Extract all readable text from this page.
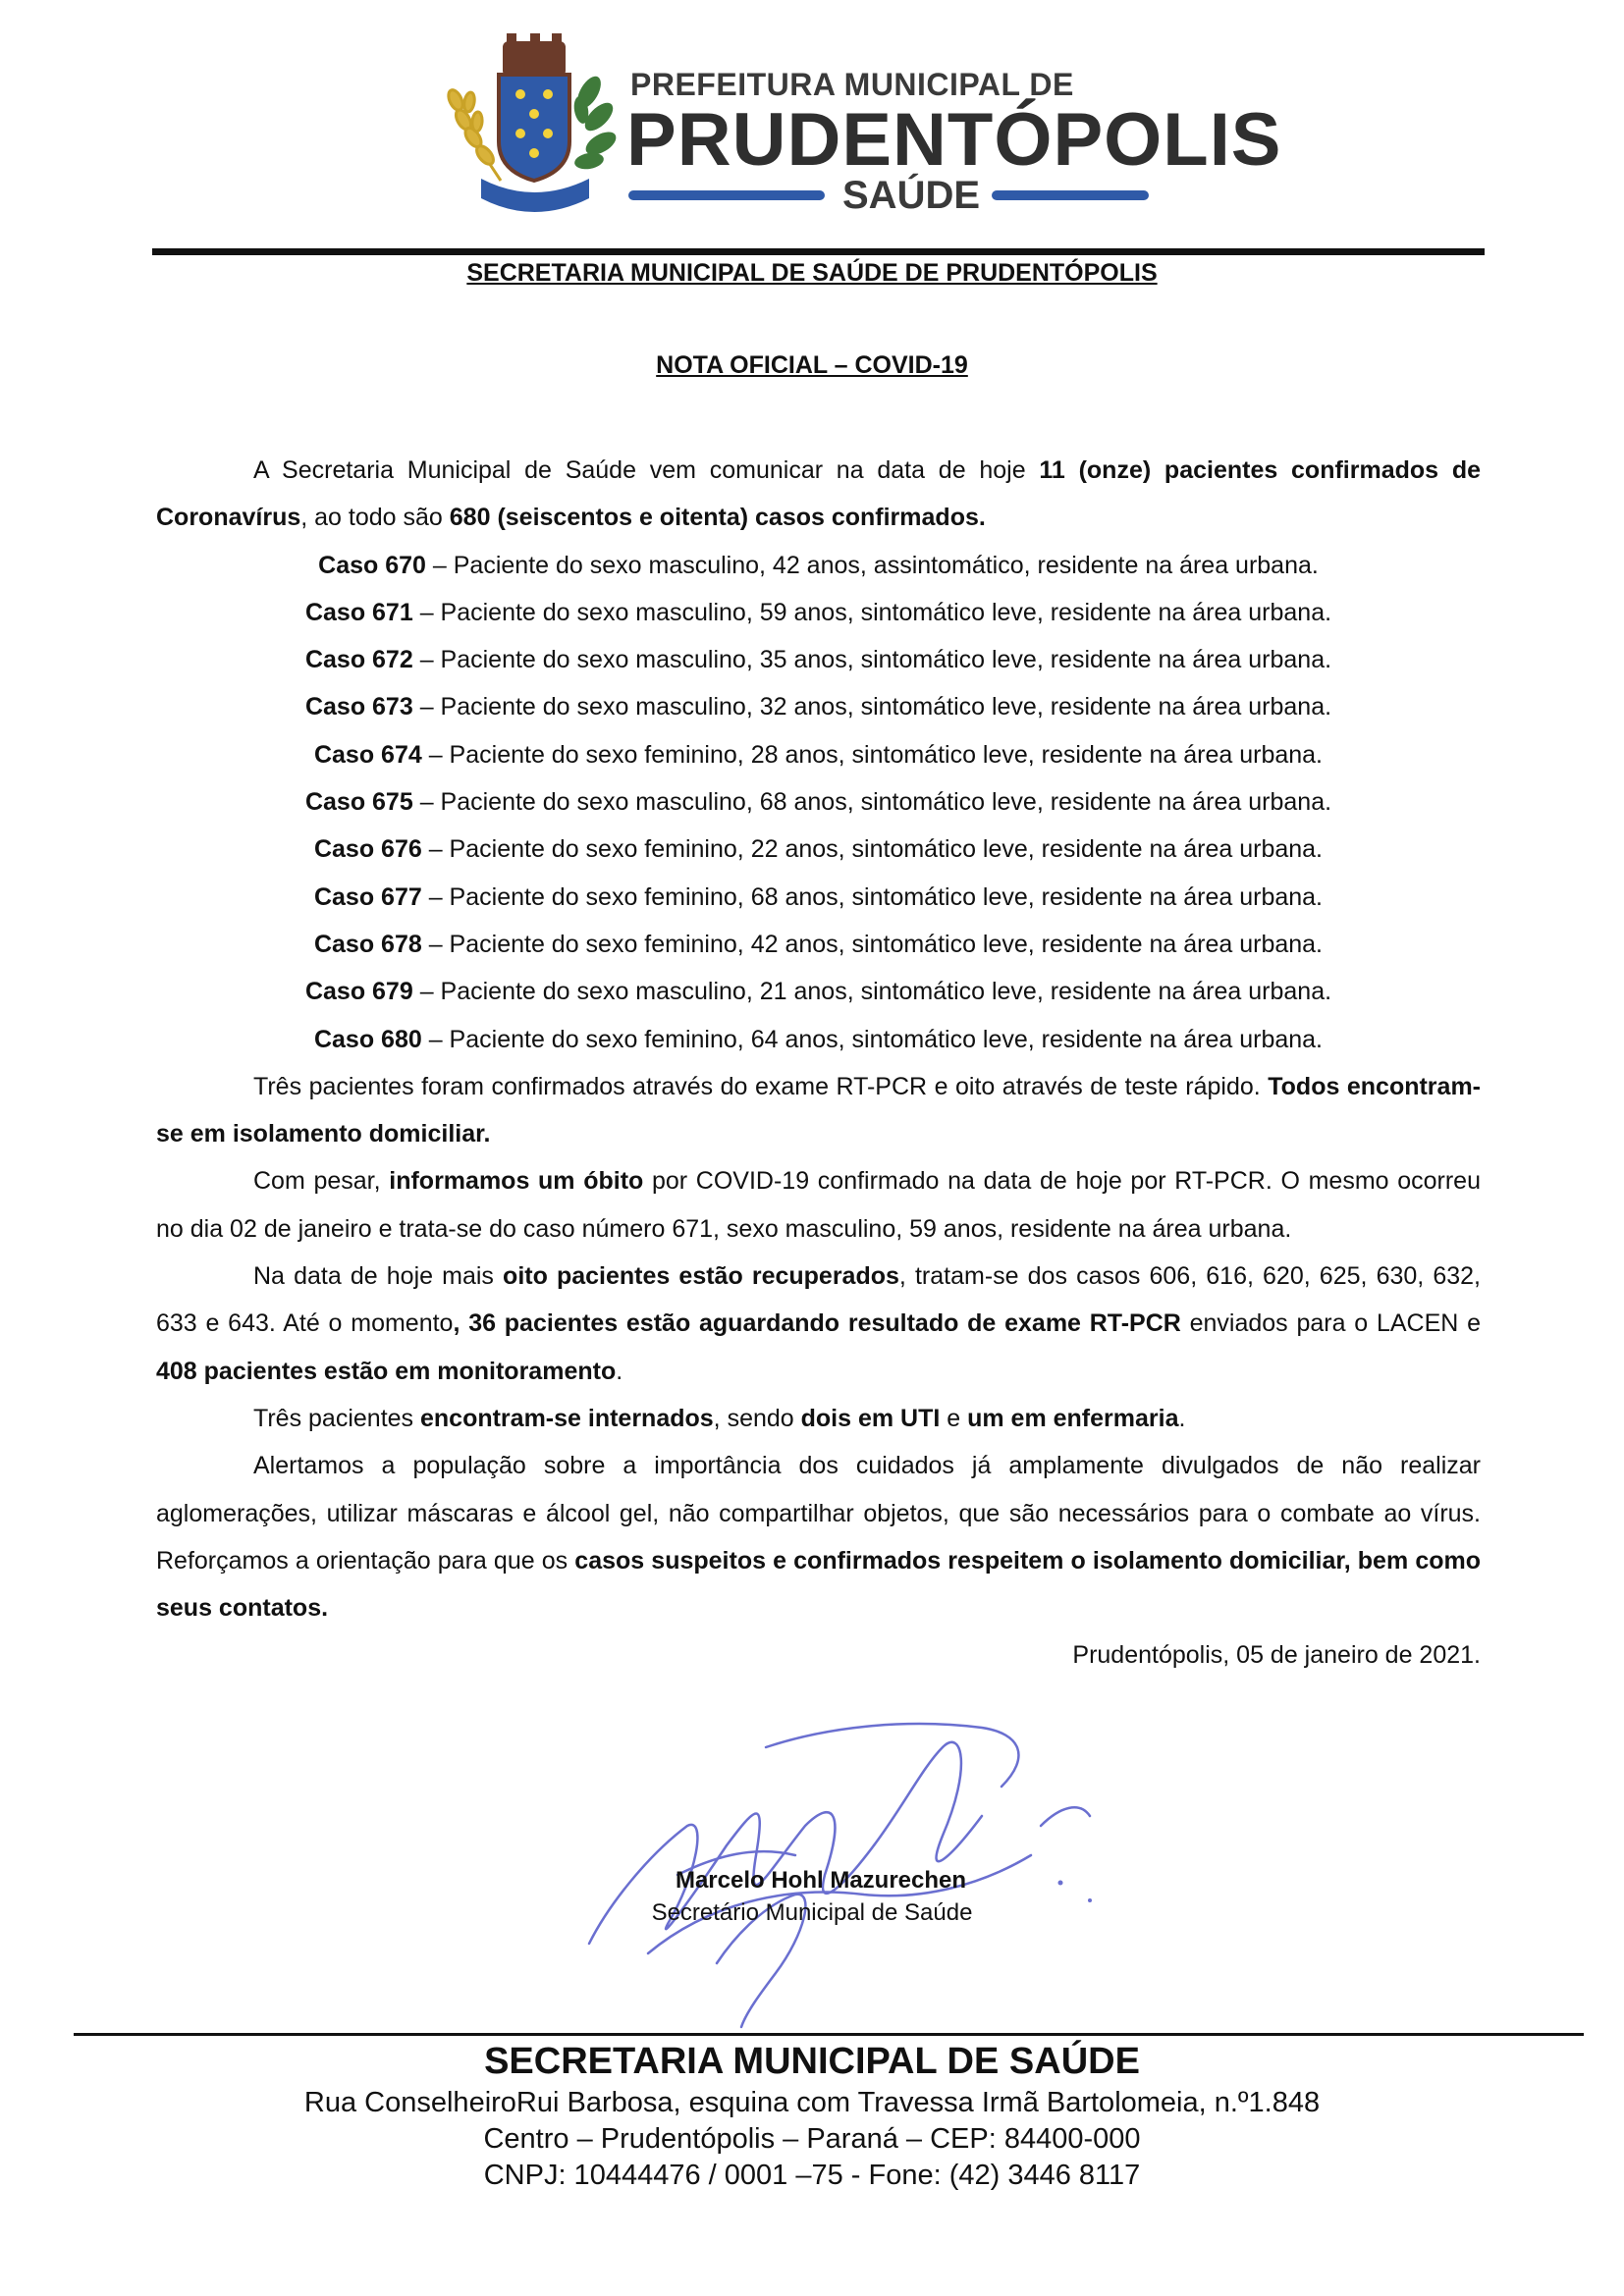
PREFEITURA MUNICIPAL DE
PRUDENTÓPOLIS
SAÚDE
SECRETARIA MUNICIPAL DE SAÚDE DE PRUDENTÓPOLIS
NOTA OFICIAL – COVID-19

A Secretaria Municipal de Saúde vem comunicar na data de hoje 11 (onze) pacientes confirmados de Coronavírus, ao todo são 680 (seiscentos e oitenta) casos confirmados.

Caso 670 – Paciente do sexo masculino, 42 anos, assintomático, residente na área urbana.

Caso 671 – Paciente do sexo masculino, 59 anos, sintomático leve, residente na área urbana.

Caso 672 – Paciente do sexo masculino, 35 anos, sintomático leve, residente na área urbana.

Caso 673 – Paciente do sexo masculino, 32 anos, sintomático leve, residente na área urbana.

Caso 674 – Paciente do sexo feminino, 28 anos, sintomático leve, residente na área urbana.

Caso 675 – Paciente do sexo masculino, 68 anos, sintomático leve, residente na área urbana.

Caso 676 – Paciente do sexo feminino, 22 anos, sintomático leve, residente na área urbana.

Caso 677 – Paciente do sexo feminino, 68 anos, sintomático leve, residente na área urbana.

Caso 678 – Paciente do sexo feminino, 42 anos, sintomático leve, residente na área urbana.

Caso 679 – Paciente do sexo masculino, 21 anos, sintomático leve, residente na área urbana.

Caso 680 – Paciente do sexo feminino, 64 anos, sintomático leve, residente na área urbana.

Três pacientes foram confirmados através do exame RT-PCR e oito através de teste rápido. Todos encontram-se em isolamento domiciliar.

Com pesar, informamos um óbito por COVID-19 confirmado na data de hoje por RT-PCR. O mesmo ocorreu no dia 02 de janeiro e trata-se do caso número 671, sexo masculino, 59 anos, residente na área urbana.

Na data de hoje mais oito pacientes estão recuperados, tratam-se dos casos 606, 616, 620, 625, 630, 632, 633 e 643. Até o momento, 36 pacientes estão aguardando resultado de exame RT-PCR enviados para o LACEN e 408 pacientes estão em monitoramento.

Três pacientes encontram-se internados, sendo dois em UTI e um em enfermaria.

Alertamos a população sobre a importância dos cuidados já amplamente divulgados de não realizar aglomerações, utilizar máscaras e álcool gel, não compartilhar objetos, que são necessários para o combate ao vírus. Reforçamos a orientação para que os casos suspeitos e confirmados respeitem o isolamento domiciliar, bem como seus contatos.

Prudentópolis, 05 de janeiro de 2021.

Marcelo Hohl Mazurechen
Secretário Municipal de Saúde
SECRETARIA MUNICIPAL DE SAÚDE
Rua ConselheiroRui Barbosa, esquina com Travessa Irmã Bartolomeia, n.º1.848
Centro – Prudentópolis – Paraná – CEP: 84400-000
CNPJ: 10444476 / 0001 –75 - Fone: (42) 3446 8117
